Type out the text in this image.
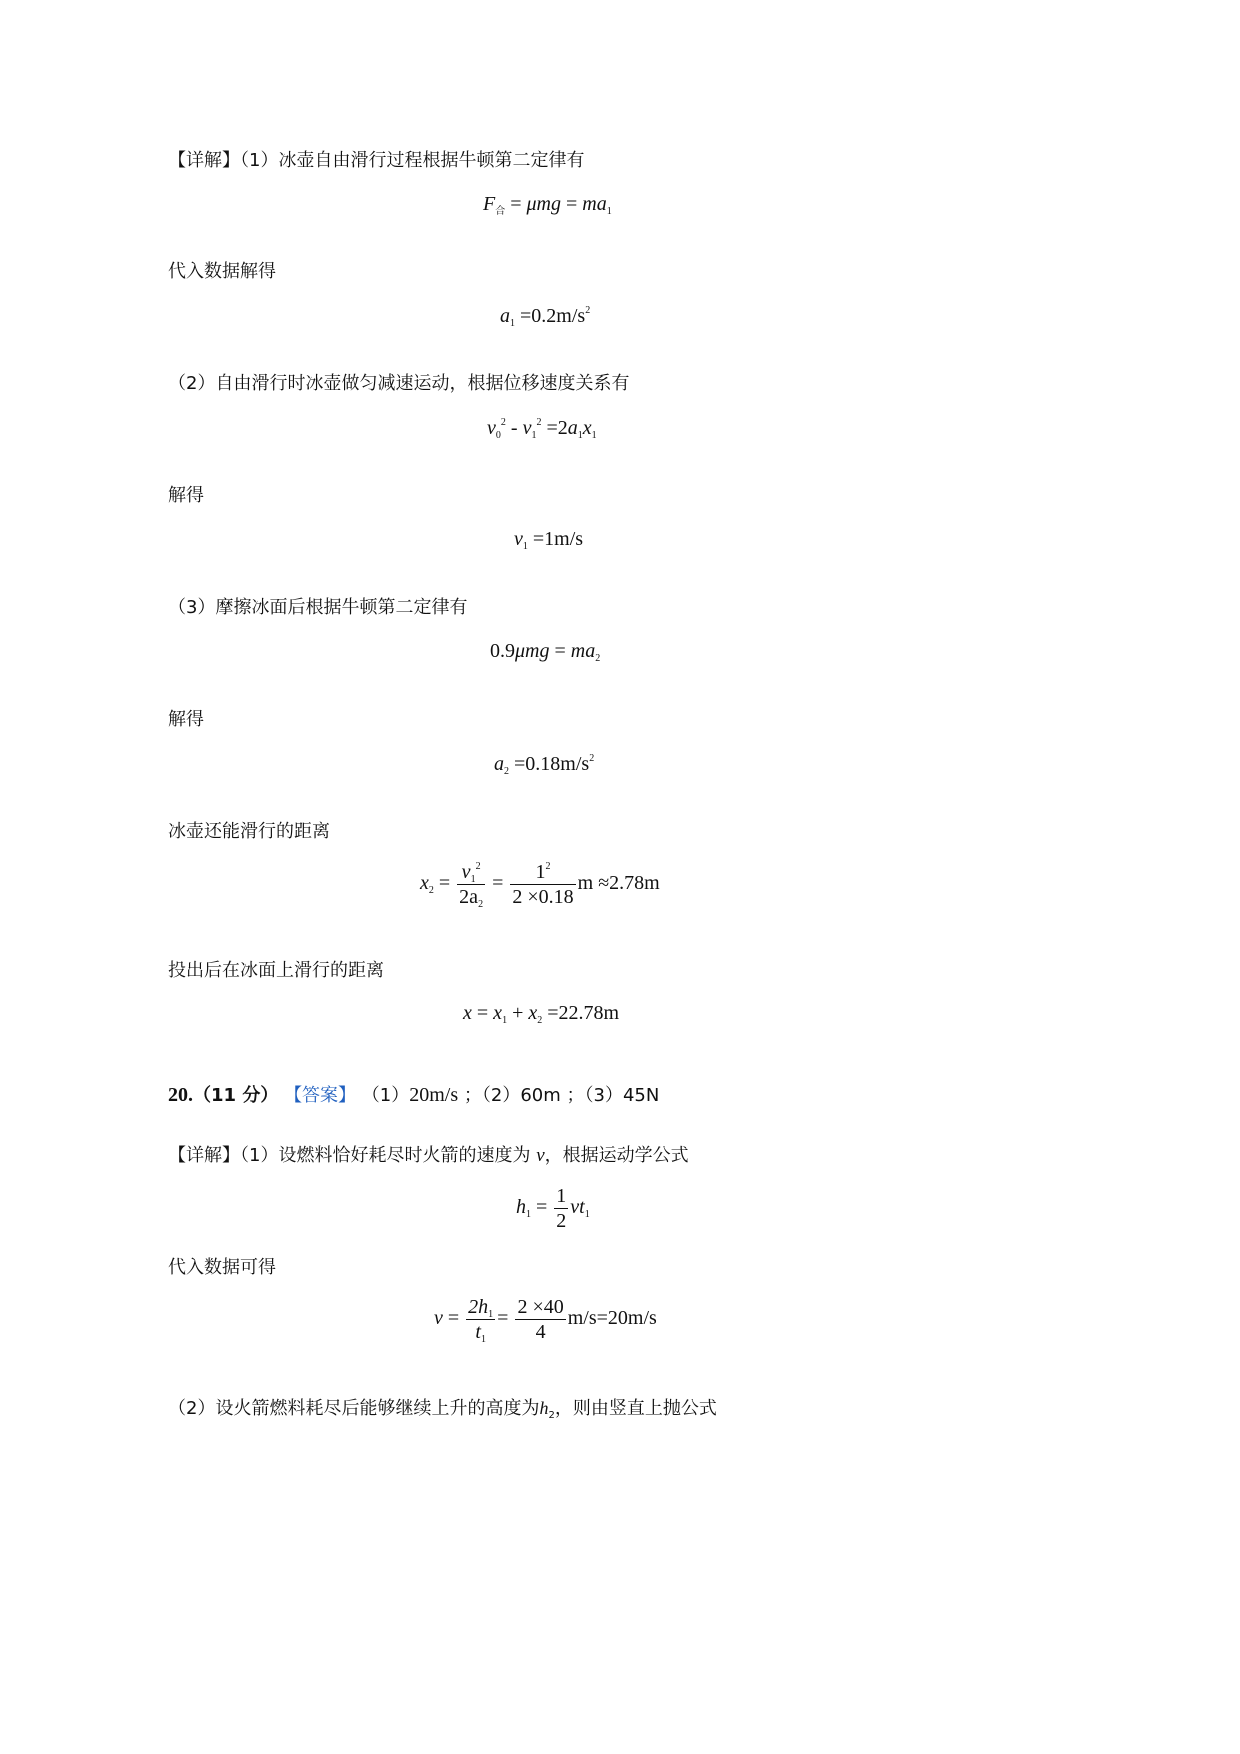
【详解】（1）冰壶自由滑行过程根据牛顿第二定律有
$F_合 = \mu mg = ma_1$
代入数据解得
$a_1 =0.2m/s^2$
（2）自由滑行时冰壶做匀减速运动，根据位移速度关系有
$v_0^2 - v_1^2 =2a_1x_1$
解得
$v_1 =1m/s$
（3）摩擦冰面后根据牛顿第二定律有
$0.9\mu mg = ma_2$
解得
$a_2 =0.18m/s^2$
冰壶还能滑行的距离
$x_2 = \frac{v_1^2}{2a_2} = \frac{1^2}{2 \times 0.18}$ m ≈2.78m
投出后在冰面上滑行的距离
$x = x_1 + x_2 =22.78m$
20.（11 分） 【答案】 （1）20m/s ；（2）60m ；（3）45N
【详解】（1）设燃料恰好耗尽时火箭的速度为 v，根据运动学公式
$h_1 = \frac{1}{2} vt_1$
代入数据可得
$v = \frac{2h_1}{t_1} = \frac{2 \times 40}{4} m/s=20m/s$
（2）设火箭燃料耗尽后能够继续上升的高度为$h_2$，则由竖直上抛公式
